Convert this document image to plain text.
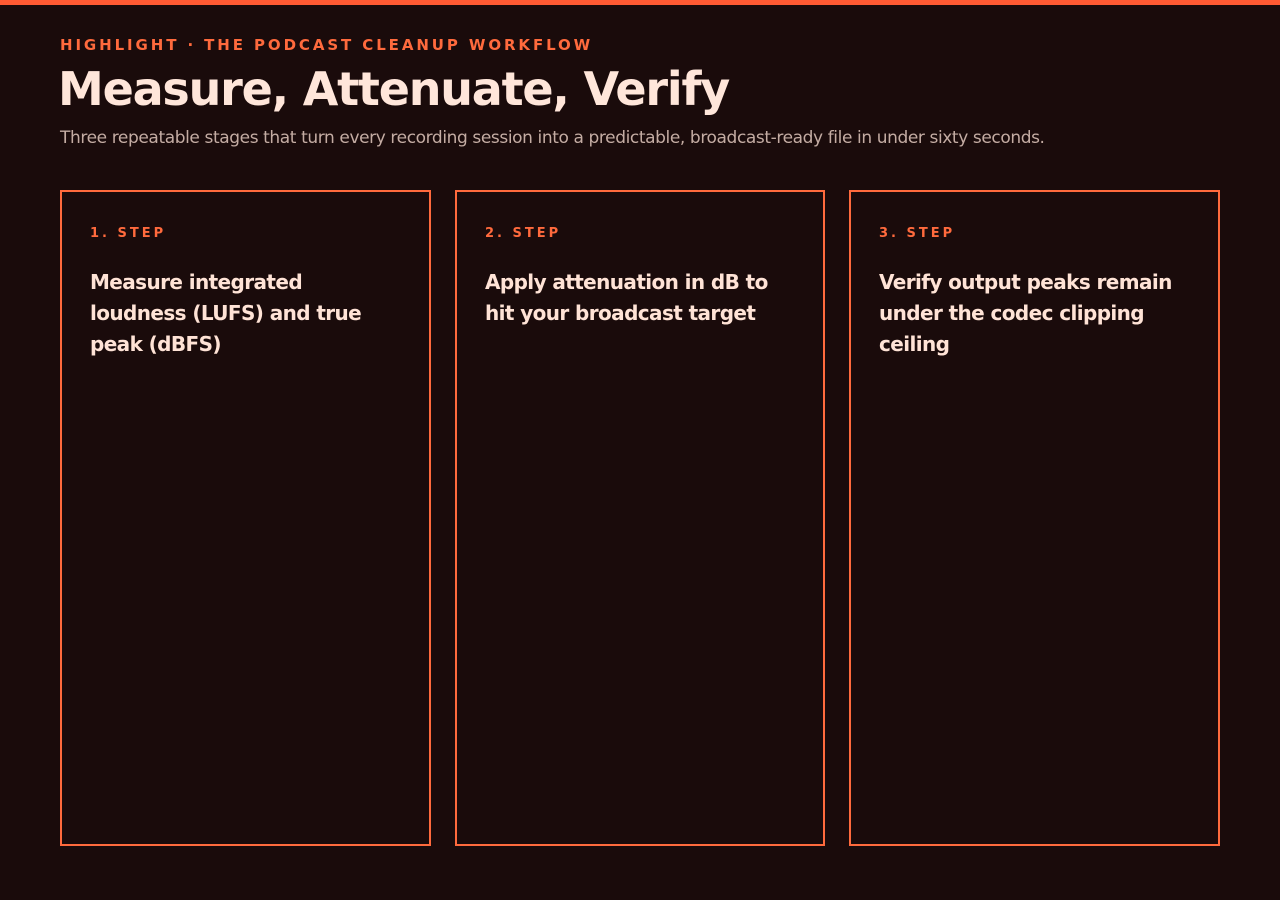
HIGHLIGHT · THE PODCAST CLEANUP WORKFLOW
Measure, Attenuate, Verify
Three repeatable stages that turn every recording session into a predictable, broadcast-ready file in under sixty seconds.
1. STEP
Measure integrated loudness (LUFS) and true peak (dBFS)
2. STEP
Apply attenuation in dB to hit your broadcast target
3. STEP
Verify output peaks remain under the codec clipping ceiling
